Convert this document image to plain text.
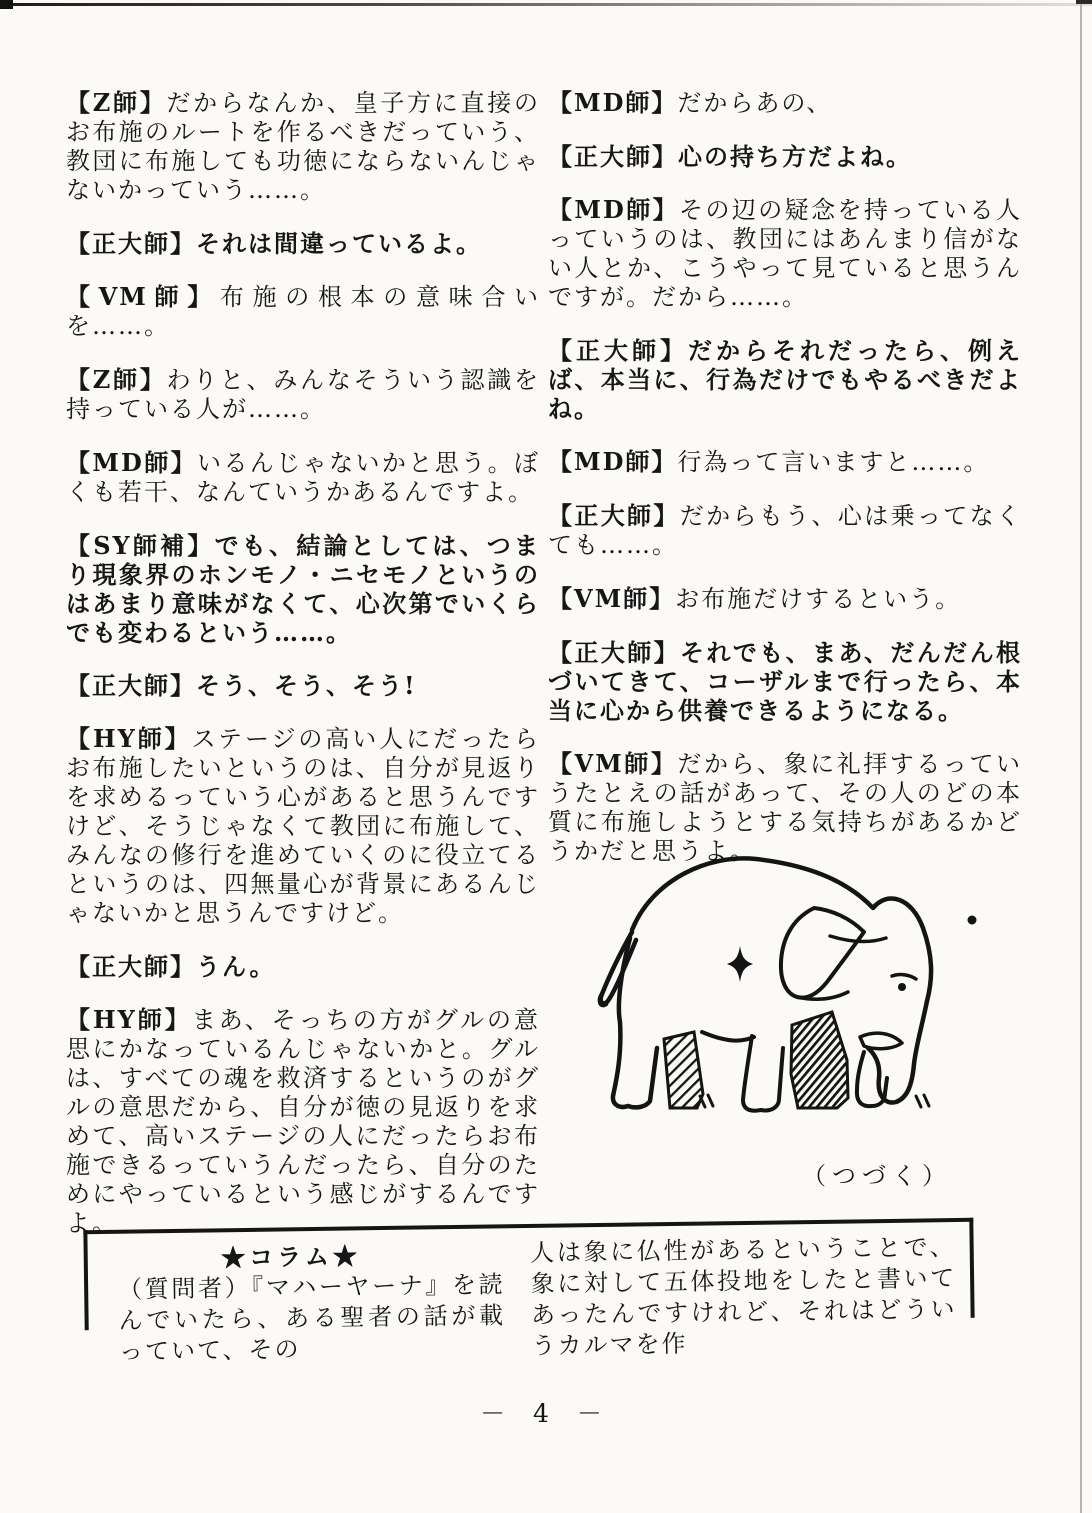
【Z師】だからなんか、皇子方に直接のお布施のルートを作るべきだっていう、教団に布施しても功徳にならないんじゃないかっていう……。

【正大師】それは間違っているよ。

【VM師】布施の根本の意味合いを……。

【Z師】わりと、みんなそういう認識を持っている人が……。

【MD師】いるんじゃないかと思う。ぼくも若干、なんていうかあるんですよ。

【SY師補】でも、結論としては、つまり現象界のホンモノ・ニセモノというのはあまり意味がなくて、心次第でいくらでも変わるという……。

【正大師】そう、そう、そう!

【HY師】ステージの高い人にだったらお布施したいというのは、自分が見返りを求めるっていう心があると思うんですけど、そうじゃなくて教団に布施して、みんなの修行を進めていくのに役立てるというのは、四無量心が背景にあるんじゃないかと思うんですけど。

【正大師】うん。

【HY師】まあ、そっちの方がグルの意思にかなっているんじゃないかと。グルは、すべての魂を救済するというのがグルの意思だから、自分が徳の見返りを求めて、高いステージの人にだったらお布施できるっていうんだったら、自分のためにやっているという感じがするんですよ。

【MD師】だからあの、

【正大師】心の持ち方だよね。

【MD師】その辺の疑念を持っている人っていうのは、教団にはあんまり信がない人とか、こうやって見ていると思うんですが。だから……。

【正大師】だからそれだったら、例えば、本当に、行為だけでもやるべきだよね。

【MD師】行為って言いますと……。

【正大師】だからもう、心は乗ってなくても……。

【VM師】お布施だけするという。

【正大師】それでも、まあ、だんだん根づいてきて、コーザルまで行ったら、本当に心から供養できるようになる。

【VM師】だから、象に礼拝するっていうたとえの話があって、その人のどの本質に布施しようとする気持ちがあるかどうかだと思うよ。

（つづく）

★コラム★

（質問者）『マハーヤーナ』を読んでいたら、ある聖者の話が載っていて、その
人は象に仏性があるということで、象に対して五体投地をしたと書いてあったんですけれど、それはどういうカルマを作
－ 4 －
